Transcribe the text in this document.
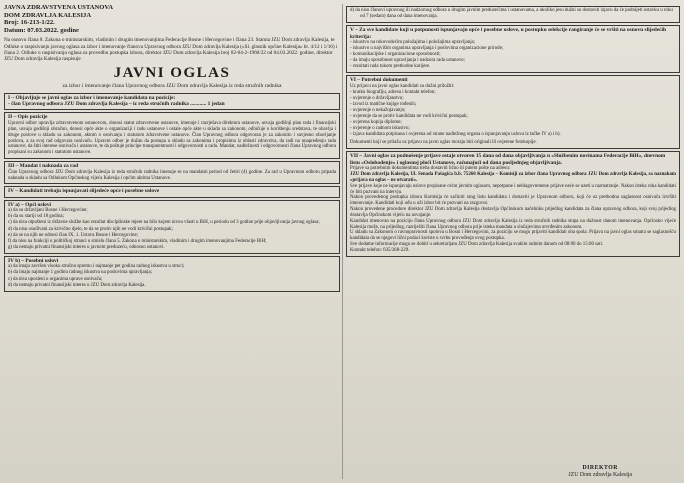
JAVNA ZDRAVSTVENA USTANOVA
DOM ZDRAVLJA KALESIJA
Broj: 16-213-1/22.
Datum: 07.03.2022. godine
Na osnovu člana 8. Zakona o ministarskim, vladinim i drugim imenovanjima Federacije Bosne i Hercegovine i člana 23. Statuta JZU Dom zdravlja Kalesija, te Odluke o raspisivanju javnog oglasa za izbor i imenovanje članova Upravnog odbora JZU Dom zdravlja Kalesija (»Sl. glasnik općine Kalesija« br. 4/12 i 1/16) i člana 2. Odluke o raspisivanju oglasa za provedbu postupka izbora, direktor JZU Dom zdravlja Kalesija broj 02-04-2-1960/22 od 04.03.2022. godine, direktor JZU Dom zdravlja Kalesija raspisuje
JAVNI OGLAS
za izbor i imenovanje člana Upravnog odbora JZU Dom zdravlja Kalesija iz reda stručnih radnika
I – Objavljuje se javni oglas za izbor i imenovanje kandidata na pozicije:
- član Upravnog odbora JZU Dom zdravlja Kalesija – iz reda stručnih radnika ............ 1 jedan
II – Opis pozicije
Upravni odbor upravlja zdravstvenom ustanovom, donosi statut zdravstvene ustanove, imenuje i razrješava direktora ustanove, usvaja godišnji plan rada i finansijski plan, usvaja godišnji obračun, donosi opće akte o organizaciji i radu ustanove i ostale opće akte u skladu sa zakonom, odlučuje o korištenju sredstava, te obavlja i druge poslove u skladu sa zakonom, aktom o osnivanju i statutom zdravstvene ustanove. Član Upravnog odbora odgovoran je za zakonito i savjesno obavljanje poslova, a za svoj rad odgovara osnivaču. Upravni odbor je dužan da postupa u skladu sa zakonima i propisima iz oblasti zdravstva, da radi na unapređenju rada ustanove, da štiti interese osnivača i ustanove, te da poštuje principe transparentnosti i odgovornosti u radu. Mandat, nadležnosti i odgovornosti člana Upravnog odbora propisani su zakonom i statutom ustanove.
III – Mandat i naknada za rad
Član Upravnog odbora JZU Dom zdravlja Kalesija iz reda stručnih radnika imenuje se na mandatni period od četiri (4) godine. Za rad u Upravnom odboru pripada naknada u skladu sa Odlukom Općinskog vijeća Kalesija i općim aktima Ustanove.
IV – Kandidati trebaju ispunjavati slijedeće opće i posebne uslove
IV a) – Opći uslovi
a) da su državljani Bosne i Hercegovine;
b) da su stariji od 18 godina;
c) da nisu otpušteni iz državne službe kao rezultat disciplinske mjere na bilo kojem nivou vlasti u BiH, u periodu od 3 godine prije objavljivanja javnog oglasa;
d) da nisu osuđivani za krivično djelo, te da se protiv njih ne vodi krivični postupak;
e) da se na njih ne odnosi član IX. 1. Ustava Bosne i Hercegovine;
f) da nisu na funkciji u političkoj stranci u smislu člana 5. Zakona o ministarskim, vladinim i drugim imenovanjima Federacije BiH;
g) da nemaju privatni finansijski interes u javnom preduzeću, odnosno ustanovi.
IV b) – Posebni uslovi
a) da imaju završen visoku stručnu spremu i najmanje pet godina radnog iskustva u struci;
b) da imaju najmanje 1 godinu radnog iskustva na poslovima upravljanja;
c) da nisu uposleni u organima uprave osnivača;
d) da nemaju privatni finansijski interes u JZU Dom zdravlja Kalesija.
d) da nisu članovi upravnog ili nadzornog odbora u drugim javnim preduzećima i ustanovama, a ukoliko jesu dužni su dostaviti izjavu da će podnijeti ostavku u roku od 7 (sedam) dana od dana imenovanja.
V – Za sve kandidate koji u potpunosti ispunjavaju opće i posebne uslove, u postupku selekcije rangiranje će se vršiti na osnovu slijedećih kriterija:
- iskustvo na rukovodećim položajima i položajima upravljanja;
- iskustvo u najvišim organima upravljanja i poslovima organizacione prirode;
- komunikacijske i organizacione sposobnosti;
- da imaju sposobnost upravljanja i nadzora rada ustanove;
- rezultati rada tokom prethodne karijere.
VI – Potrebni dokumenti
Uz prijavu na javni oglas kandidati su dužni priložiti:
- kratku biografiju, adresu i kontakt telefon;
- uvjerenje o državljanstvu;
- izvod iz matične knjige rođenih;
- uvjerenje o nekažnjavanju;
- uvjerenje da se protiv kandidata ne vodi krivični postupak;
- ovjerena kopija diplome;
- uvjerenje o radnom iskustvu;
- izjava kandidata potpisana i ovjerena od strane nadležnog organa o ispunjavanju uslova iz tačke IV a) i b).
Dokumenti koji se prilažu uz prijavu na javni oglas moraju biti originali ili ovjerene fotokopije.
VII – Javni oglas za podnošenje prijave ostaje otvoren 15 dana od dana objavljivanja u »Službenim novinama Federacije BiH«, dnevnom listu »Oslobođenje« i oglasnoj ploči Ustanove, računajući od dana posljednjeg objavljivanja.
Prijave sa potrebnim dokumentima treba dostaviti lično ili putem pošte na adresu:
JZU Dom zdravlja Kalesija, Ul. Senada Pašagića b.b. 75260 Kalesija – Komisiji za izbor člana Upravnog odbora JZU Dom zdravlja Kalesija, sa naznakom »prijava na oglas – ne otvarati«.
Sve prijave koje ne ispunjavaju uslove propisane ovim javnim oglasom, nepotpune i neblagovremene prijave neće se uzeti u razmatranje. Nakon isteka roka kandidati će biti pozvani na intervju.
Nakon provedenog postupka izbora Komisija će sačiniti rang listu kandidata i dostaviti je Upravnom odboru, koji će uz prethodnu saglasnost osnivača izvršiti imenovanje. Kandidati koji uđu u uži izbor bit će pozvani na razgovor.
Nakon provedene procedure direktor JZU Dom zdravlja Kalesija dostavlja Općinskom načelniku prijedlog kandidata za člana upravnog odbora, koji svoj prijedlog dostavlja Općinskom vijeću na usvajanje.
Kandidat imenovan na poziciju člana Upravnog odbora JZU Dom zdravlja Kalesija iz reda stručnih radnika stupa na dužnost danom imenovanja. Općinsko vijeće Kalesija može, na prijedlog, razriješiti člana Upravnog odbora prije isteka mandata u slučajevima utvrđenim zakonom.
U skladu sa Zakonom o ravnopravnosti spolova u Bosni i Hercegovini, za poziciju se mogu prijaviti kandidati oba spola. Prijava na javni oglas smatra se saglasnošću kandidata da se njegovi lični podaci koriste u svrhu provođenja ovog postupka.
Sve dodatne informacije mogu se dobiti u sekretarijatu JZU Dom zdravlja Kalesija svakim radnim danom od 08:00 do 15:00 sati.
Kontakt telefon: 035/368-229.
DIREKTOR
JZU Dom zdravlja Kalesija
